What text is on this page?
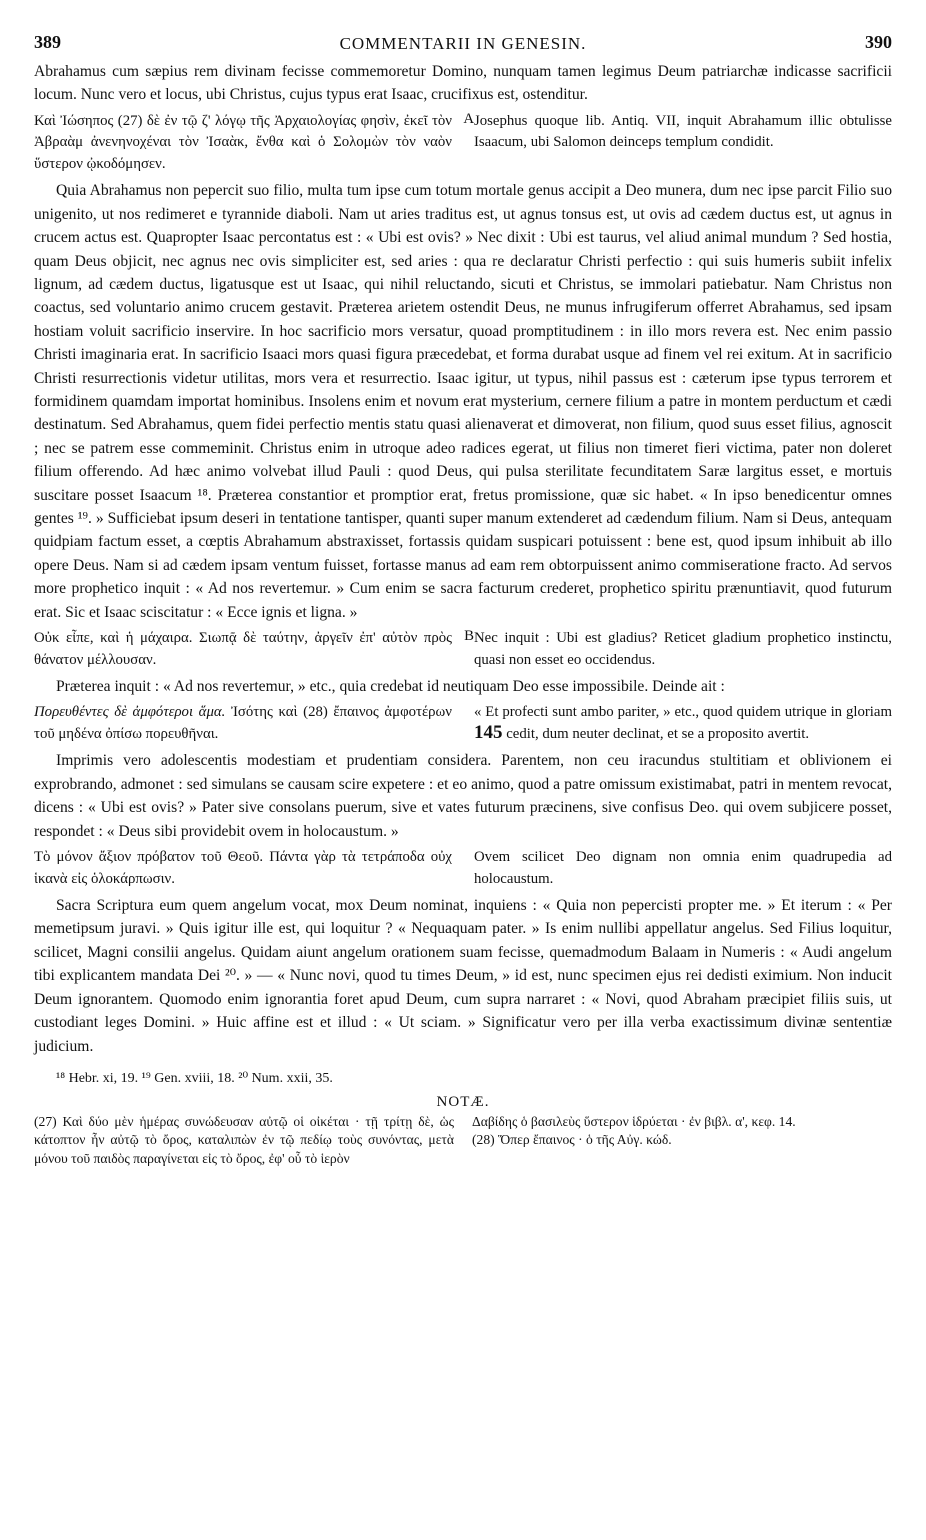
389	COMMENTARII IN GENESIN.	390

Abrahamus cum sæpius rem divinam fecisse commemoretur Domino, nunquam tamen legimus Deum patriarchæ indicasse sacrificii locum. Nunc vero et locus, ubi Christus, cujus typus erat Isaac, crucifixus est, ostenditur.

Καὶ Ἰώσηπος (27) δὲ ἐν τῷ ζ' λόγῳ τῆς Ἀρχαιολογίας φησὶν, ἐκεῖ τὸν Ἀβραὰμ ἀνενηνοχέναι τὸν Ἰσαὰκ, ἔνθα καὶ ὁ Σολομὼν τὸν ναὸν ὕστερον ᾠκοδόμησεν.

A Josephus quoque lib. Antiq. VII, inquit Abrahamum illic obtulisse Isaacum, ubi Salomon deinceps templum condidit.

Quia Abrahamus non pepercit suo filio, multa tum ipse cum totum mortale genus accipit a Deo munera, dum nec ipse parcit Filio suo unigenito, ut nos redimeret e tyrannide diaboli. Nam ut aries traditus est, ut agnus tonsus est, ut ovis ad cædem ductus est, ut agnus in crucem actus est. Quapropter Isaac percontatus est : « Ubi est ovis? » Nec dixit : Ubi est taurus, vel aliud animal mundum ? Sed hostia, quam Deus objicit, nec agnus nec ovis simpliciter est, sed aries : qua re declaratur Christi perfectio : qui suis humeris subiit infelix lignum, ad cædem ductus, ligatusque est ut Isaac, qui nihil reluctando, sicuti et Christus, se immolari patiebatur. Nam Christus non coactus, sed voluntario animo crucem gestavit. Præterea arietem ostendit Deus, ne munus infrugiferum offerret Abrahamus, sed ipsam hostiam voluit sacrificio inservire. In hoc sacrificio mors versatur, quoad promptitudinem : in illo mors revera est. Nec enim passio Christi imaginaria erat. In sacrificio Isaaci mors quasi figura præcedebat, et forma durabat usque ad finem vel rei exitum. At in sacrificio Christi resurrectionis videtur utilitas, mors vera et resurrectio. Isaac igitur, ut typus, nihil passus est : cæterum ipse typus terrorem et formidinem quamdam importat hominibus. Insolens enim et novum erat mysterium, cernere filium a patre in montem perductum et cædi destinatum. Sed Abrahamus, quem fidei perfectio mentis statu quasi alienaverat et dimoverat, non filium, quod suus esset filius, agnoscit ; nec se patrem esse commeminit. Christus enim in utroque adeo radices egerat, ut filius non timeret fieri victima, pater non doleret filium offerendo. Ad hæc animo volvebat illud Pauli : quod Deus, qui pulsa sterilitate fecunditatem Saræ largitus esset, e mortuis suscitare posset Isaacum ¹⁸. Præterea constantior et promptior erat, fretus promissione, quæ sic habet. « In ipso benedicentur omnes gentes ¹⁹. » Sufficiebat ipsum deseri in tentatione tantisper, quanti super manum extenderet ad cædendum filium. Nam si Deus, antequam quidpiam factum esset, a cœptis Abrahamum abstraxisset, fortassis quidam suspicari potuissent : bene est, quod ipsum inhibuit ab illo opere Deus. Nam si ad cædem ipsam ventum fuisset, fortasse manus ad eam rem obtorpuissent animo commiseratione fracto. Ad servos more prophetico inquit : « Ad nos revertemur. » Cum enim se sacra facturum crederet, prophetico spiritu prænuntiavit, quod futurum erat. Sic et Isaac sciscitatur : « Ecce ignis et ligna. »

Οὐκ εἶπε, καὶ ἡ μάχαιρα. Σιωπᾷ δὲ ταύτην, ἀργεῖν ἐπ' αὐτὸν πρὸς θάνατον μέλλουσαν.

B Nec inquit : Ubi est gladius? Reticet gladium prophetico instinctu, quasi non esset eo occidendus.

Præterea inquit : « Ad nos revertemur, » etc., quia credebat id neutiquam Deo esse impossibile. Deinde ait :

Πορευθέντες δὲ ἀμφότεροι ἅμα. Ἰσότης καὶ (28) ἔπαινος ἀμφοτέρων τοῦ μηδένα ὀπίσω πορευθῆναι.

« Et profecti sunt ambo pariter, » etc., quod quidem utrique in gloriam 145 cedit, dum neuter declinat, et se a proposito avertit.

Imprimis vero adolescentis modestiam et prudentiam considera. Parentem, non ceu iracundus stultitiam et oblivionem ei exprobrando, admonet : sed simulans se causam scire expetere : et eo animo, quod a patre omissum existimabat, patri in mentem revocat, dicens : « Ubi est ovis? » Pater sive consolans puerum, sive et vates futurum præcinens, sive confisus Deo. qui ovem subjicere posset, respondet : « Deus sibi providebit ovem in holocaustum. »

Τὸ μόνον ἄξιον πρόβατον τοῦ Θεοῦ. Πάντα γὰρ τὰ τετράποδα οὐχ ἱκανὰ εἰς ὁλοκάρπωσιν.

Ovem scilicet Deo dignam non omnia enim quadrupedia ad holocaustum.

Sacra Scriptura eum quem angelum vocat, mox Deum nominat, inquiens : « Quia non pepercisti propter me. » Et iterum : « Per memetipsum juravi. » Quis igitur ille est, qui loquitur ? « Nequaquam pater. » Is enim nullibi appellatur angelus. Sed Filius loquitur, scilicet, Magni consilii angelus. Quidam aiunt angelum orationem suam fecisse, quemadmodum Balaam in Numeris : « Audi angelum tibi explicantem mandata Dei ²⁰. » — « Nunc novi, quod tu times Deum, » id est, nunc specimen ejus rei dedisti eximium. Non inducit Deum ignorantem. Quomodo enim ignorantia foret apud Deum, cum supra narraret : « Novi, quod Abraham præcipiet filiis suis, ut custodiant leges Domini. » Huic affine est et illud : « Ut sciam. » Significatur vero per illa verba exactissimum divinæ sententiæ judicium.

¹⁸ Hebr. xi, 19. ¹⁹ Gen. xviii, 18. ²⁰ Num. xxii, 35.
NOTÆ.

(27) Καὶ δύο μὲν ἡμέρας συνώδευσαν αὐτῷ οἱ οἰκέται · τῇ τρίτῃ δὲ, ὡς κάτοπτον ἦν αὐτῷ τὸ ὄρος, καταλιπὼν ἐν τῷ πεδίῳ τοὺς συνόντας, μετὰ μόνου τοῦ παιδὸς παραγίνεται εἰς τὸ ὄρος, ἐφ' οὗ τὸ ἱερὸν

Δαβίδης ὁ βασιλεὺς ὕστερον ἱδρύεται · ἐν βιβλ. α', κεφ. 14.

(28) Ὅπερ ἔπαινος · ὁ τῆς Αὐγ. κώδ.
